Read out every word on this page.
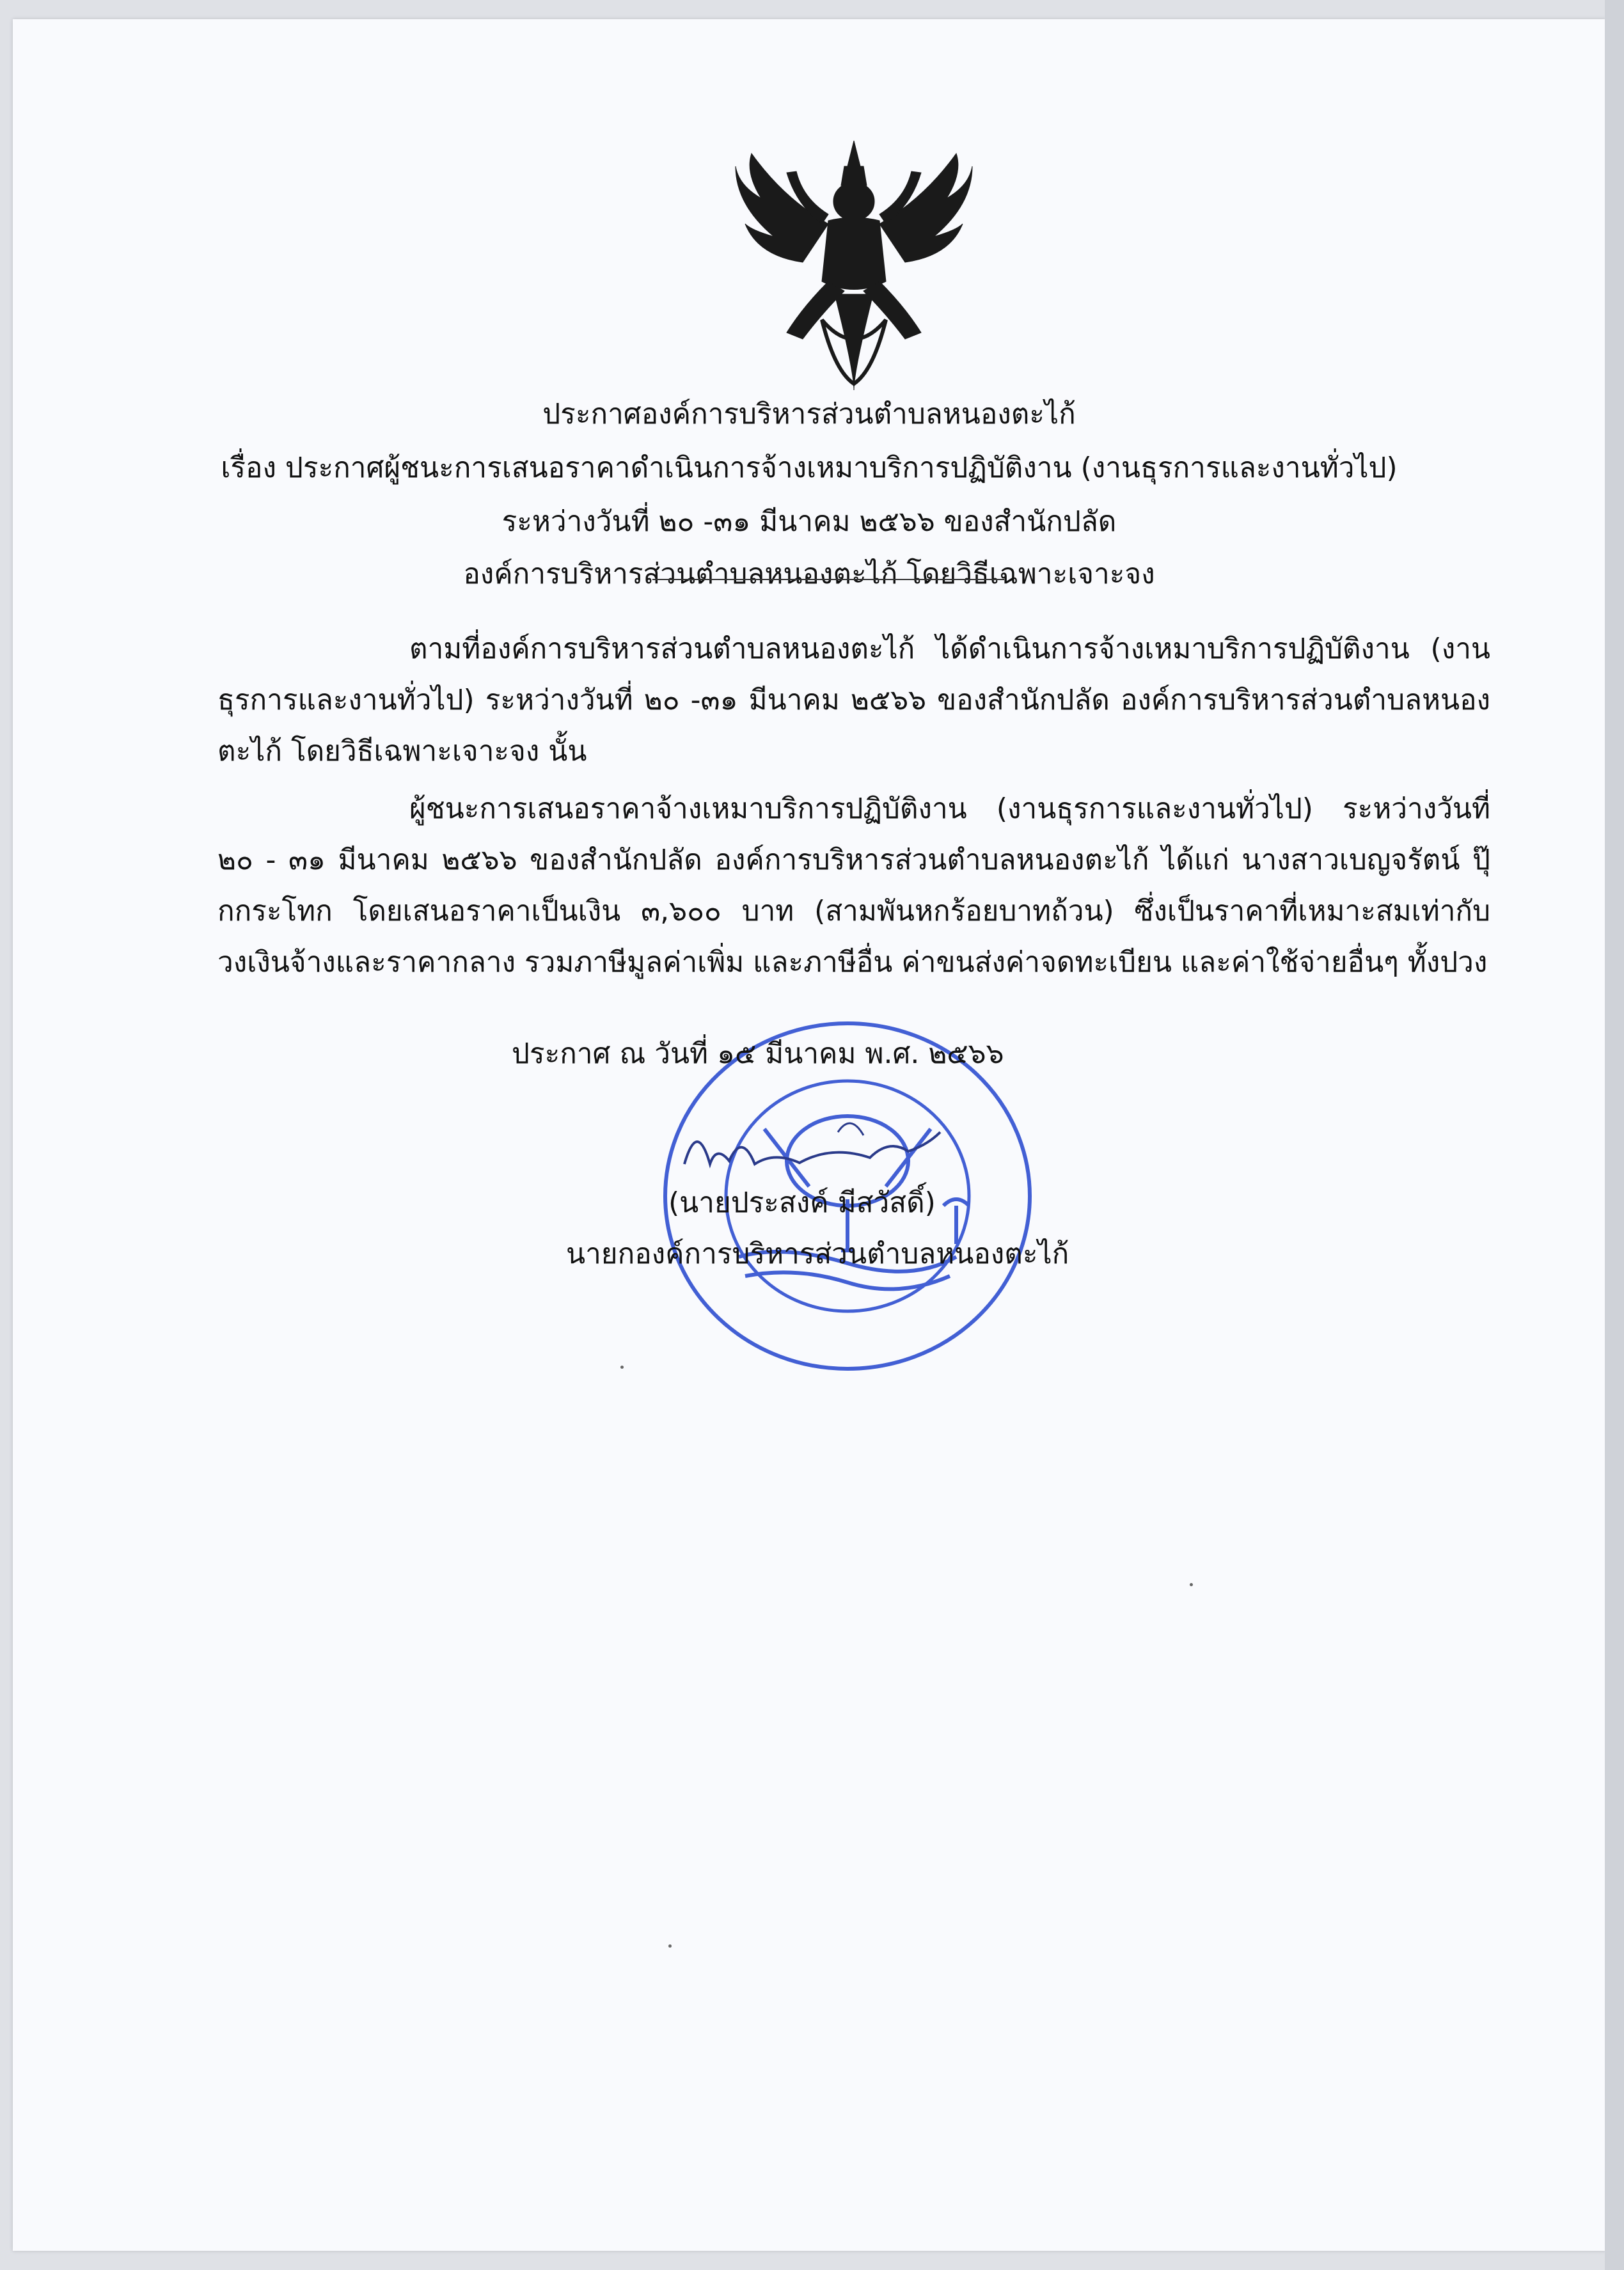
ประกาศองค์การบริหารส่วนตำบลหนองตะไก้
เรื่อง ประกาศผู้ชนะการเสนอราคาดำเนินการจ้างเหมาบริการปฏิบัติงาน (งานธุรการและงานทั่วไป)
ระหว่างวันที่ ๒๐ -๓๑ มีนาคม ๒๕๖๖ ของสำนักปลัด
องค์การบริหารส่วนตำบลหนองตะไก้ โดยวิธีเฉพาะเจาะจง
ตามที่องค์การบริหารส่วนตำบลหนองตะไก้ ได้ดำเนินการจ้างเหมาบริการปฏิบัติงาน (งานธุรการและงานทั่วไป) ระหว่างวันที่ ๒๐ -๓๑ มีนาคม ๒๕๖๖ ของสำนักปลัด องค์การบริหารส่วนตำบลหนองตะไก้ โดยวิธีเฉพาะเจาะจง นั้น
ผู้ชนะการเสนอราคาจ้างเหมาบริการปฏิบัติงาน (งานธุรการและงานทั่วไป) ระหว่างวันที่ ๒๐ - ๓๑ มีนาคม ๒๕๖๖ ของสำนักปลัด องค์การบริหารส่วนตำบลหนองตะไก้ ได้แก่ นางสาวเบญจรัตน์ ปุ๊กกระโทก โดยเสนอราคาเป็นเงิน ๓,๖๐๐ บาท (สามพันหกร้อยบาทถ้วน) ซึ่งเป็นราคาที่เหมาะสมเท่ากับวงเงินจ้างและราคากลาง รวมภาษีมูลค่าเพิ่ม และภาษีอื่น ค่าขนส่งค่าจดทะเบียน และค่าใช้จ่ายอื่นๆ ทั้งปวง
ประกาศ ณ วันที่ ๑๕ มีนาคม พ.ศ. ๒๕๖๖
(นายประสงค์ มีสวัสดิ์)
นายกองค์การบริหารส่วนตำบลหนองตะไก้
